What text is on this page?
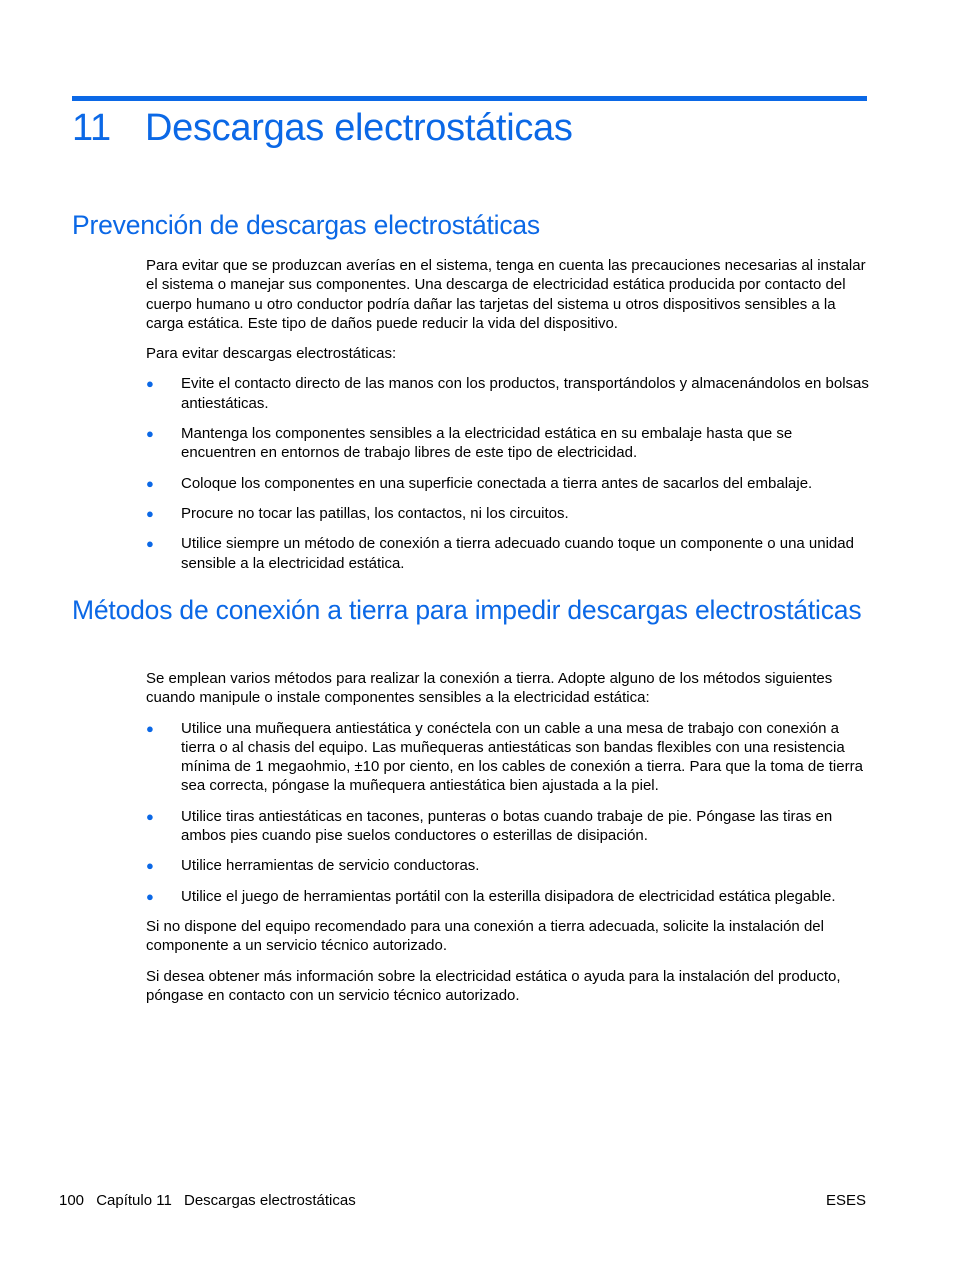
11 Descargas electrostáticas
Prevención de descargas electrostáticas

Para evitar que se produzcan averías en el sistema, tenga en cuenta las precauciones necesarias al instalar el sistema o manejar sus componentes. Una descarga de electricidad estática producida por contacto del cuerpo humano u otro conductor podría dañar las tarjetas del sistema u otros dispositivos sensibles a la carga estática. Este tipo de daños puede reducir la vida del dispositivo.

Para evitar descargas electrostáticas:

● Evite el contacto directo de las manos con los productos, transportándolos y almacenándolos en bolsas antiestáticas.
● Mantenga los componentes sensibles a la electricidad estática en su embalaje hasta que se encuentren en entornos de trabajo libres de este tipo de electricidad.
● Coloque los componentes en una superficie conectada a tierra antes de sacarlos del embalaje.
● Procure no tocar las patillas, los contactos, ni los circuitos.
● Utilice siempre un método de conexión a tierra adecuado cuando toque un componente o una unidad sensible a la electricidad estática.
Métodos de conexión a tierra para impedir descargas electrostáticas

Se emplean varios métodos para realizar la conexión a tierra. Adopte alguno de los métodos siguientes cuando manipule o instale componentes sensibles a la electricidad estática:

● Utilice una muñequera antiestática y conéctela con un cable a una mesa de trabajo con conexión a tierra o al chasis del equipo. Las muñequeras antiestáticas son bandas flexibles con una resistencia mínima de 1 megaohmio, ±10 por ciento, en los cables de conexión a tierra. Para que la toma de tierra sea correcta, póngase la muñequera antiestática bien ajustada a la piel.
● Utilice tiras antiestáticas en tacones, punteras o botas cuando trabaje de pie. Póngase las tiras en ambos pies cuando pise suelos conductores o esterillas de disipación.
● Utilice herramientas de servicio conductoras.
● Utilice el juego de herramientas portátil con la esterilla disipadora de electricidad estática plegable.

Si no dispone del equipo recomendado para una conexión a tierra adecuada, solicite la instalación del componente a un servicio técnico autorizado.

Si desea obtener más información sobre la electricidad estática o ayuda para la instalación del producto, póngase en contacto con un servicio técnico autorizado.

100 Capítulo 11 Descargas electrostáticas	ESES
